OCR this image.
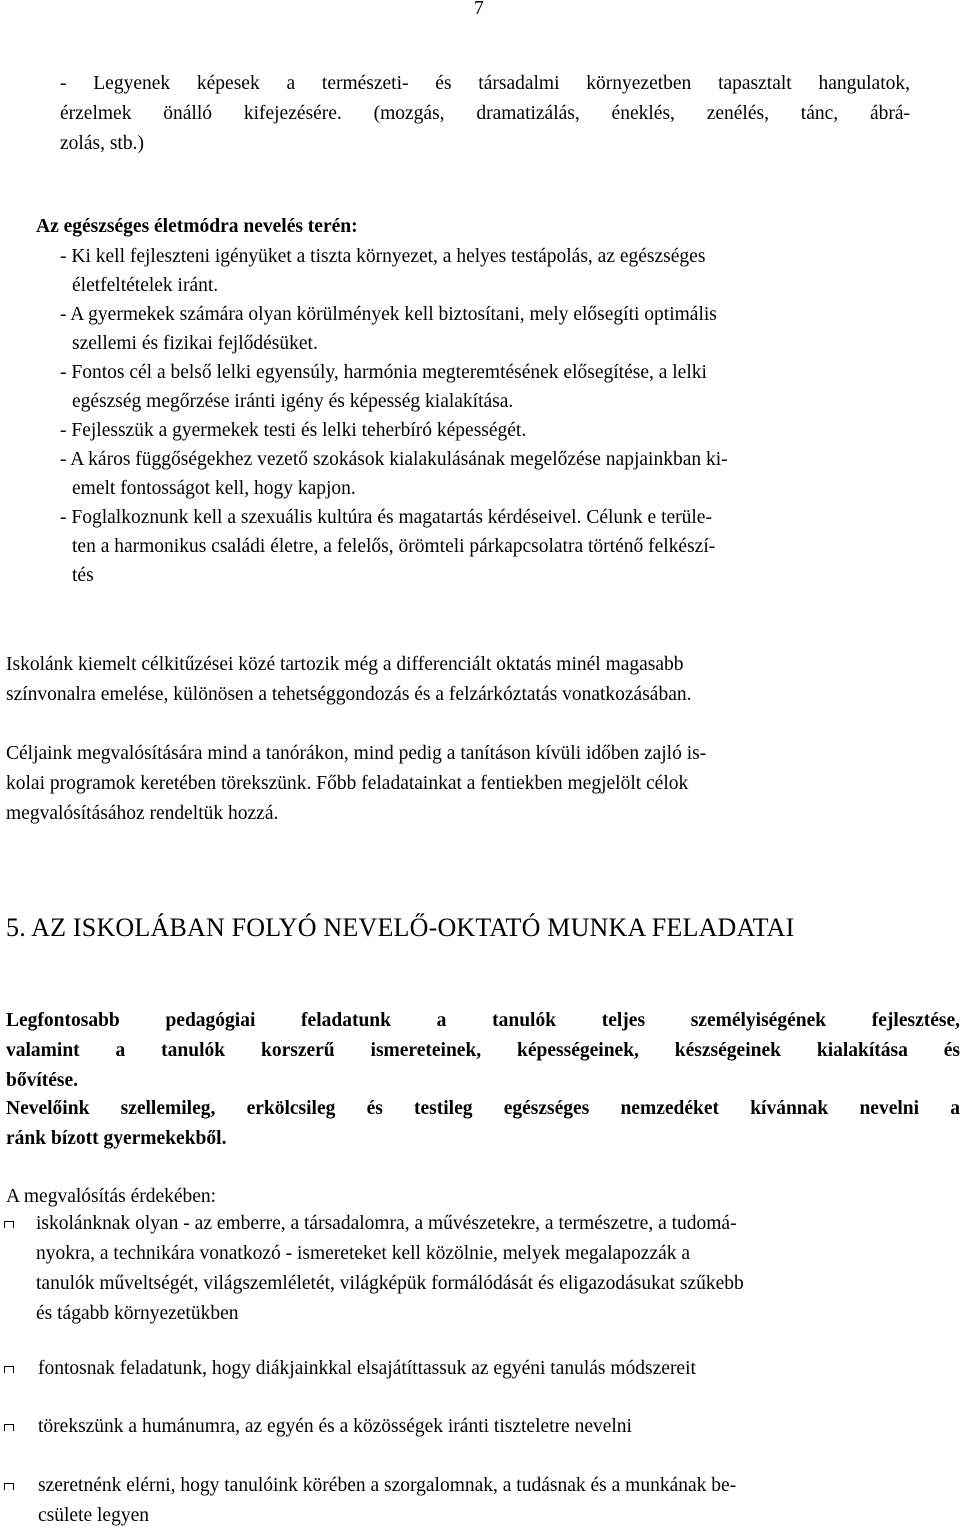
7
- Legyenek képesek a természeti- és társadalmi környezetben tapasztalt hangulatok,
érzelmek önálló kifejezésére. (mozgás, dramatizálás, éneklés, zenélés, tánc, ábrá-
zolás, stb.)
Az egészséges életmódra nevelés terén:
- Ki kell fejleszteni igényüket a tiszta környezet, a helyes testápolás, az egészséges
életfeltételek iránt.
- A gyermekek számára olyan körülmények kell biztosítani, mely elősegíti optimális
szellemi és fizikai fejlődésüket.
- Fontos cél a belső lelki egyensúly, harmónia megteremtésének elősegítése, a lelki
egészség megőrzése iránti igény és képesség kialakítása.
- Fejlesszük a gyermekek testi és lelki teherbíró képességét.
- A káros függőségekhez vezető szokások kialakulásának megelőzése napjainkban ki-
emelt fontosságot kell, hogy kapjon.
- Foglalkoznunk kell a szexuális kultúra és magatartás kérdéseivel. Célunk e terüle-
ten a harmonikus családi életre, a felelős, örömteli párkapcsolatra történő felkészí-
tés
Iskolánk kiemelt célkitűzései közé tartozik még a differenciált oktatás minél magasabb
színvonalra emelése, különösen a tehetséggondozás és a felzárkóztatás vonatkozásában.
Céljaink megvalósítására mind a tanórákon, mind pedig a tanításon kívüli időben zajló is-
kolai programok keretében törekszünk. Főbb feladatainkat a fentiekben megjelölt célok
megvalósításához rendeltük hozzá.
5. AZ ISKOLÁBAN FOLYÓ NEVELŐ-OKTATÓ MUNKA FELADATAI
Legfontosabb pedagógiai feladatunk a tanulók teljes személyiségének fejlesztése,
valamint a tanulók korszerű ismereteinek, képességeinek, készségeinek kialakítása és
bővítése.
Nevelőink szellemileg, erkölcsileg és testileg egészséges nemzedéket kívánnak nevelni a
ránk bízott gyermekekből.
A megvalósítás érdekében:
iskolánknak olyan - az emberre, a társadalomra, a művészetekre, a természetre, a tudomá-
nyokra, a technikára vonatkozó - ismereteket kell közölnie, melyek megalapozzák a
tanulók műveltségét, világszemléletét, világképük formálódását és eligazodásukat szűkebb
és tágabb környezetükben
fontosnak feladatunk, hogy diákjainkkal elsajátíttassuk az egyéni tanulás módszereit
törekszünk a humánumra, az egyén és a közösségek iránti tiszteletre nevelni
szeretnénk elérni, hogy tanulóink körében a szorgalomnak, a tudásnak és a munkának be-
csülete legyen
